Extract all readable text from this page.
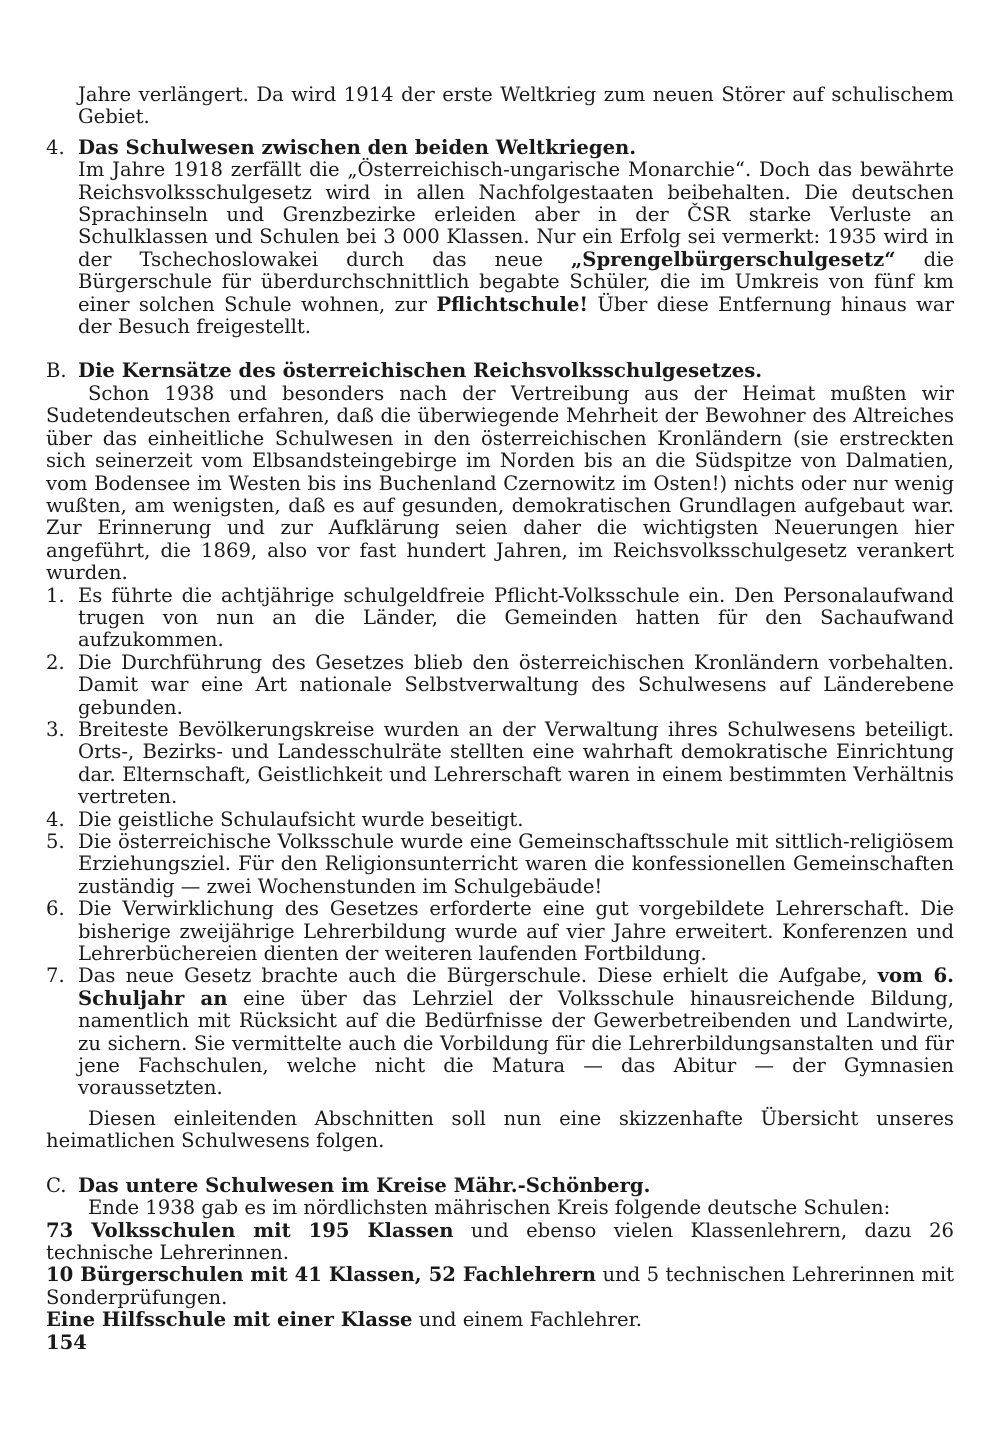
Jahre verlängert. Da wird 1914 der erste Weltkrieg zum neuen Störer auf schulischem Gebiet.
4. Das Schulwesen zwischen den beiden Weltkriegen.
Im Jahre 1918 zerfällt die „Österreichisch-ungarische Monarchie“. Doch das bewährte Reichsvolksschulgesetz wird in allen Nachfolgestaaten beibehalten. Die deutschen Sprachinseln und Grenzbezirke erleiden aber in der ČSR starke Verluste an Schulklassen und Schulen bei 3 000 Klassen. Nur ein Erfolg sei vermerkt: 1935 wird in der Tschechoslowakei durch das neue „Sprengelbürgerschulgesetz“ die Bürgerschule für überdurchschnittlich begabte Schüler, die im Umkreis von fünf km einer solchen Schule wohnen, zur Pflichtschule! Über diese Entfernung hinaus war der Besuch freigestellt.
B. Die Kernsätze des österreichischen Reichsvolksschulgesetzes.
Schon 1938 und besonders nach der Vertreibung aus der Heimat mußten wir Sudetendeutschen erfahren, daß die überwiegende Mehrheit der Bewohner des Altreiches über das einheitliche Schulwesen in den österreichischen Kronländern (sie erstreckten sich seinerzeit vom Elbsandsteingebirge im Norden bis an die Südspitze von Dalmatien, vom Bodensee im Westen bis ins Buchenland Czernowitz im Osten!) nichts oder nur wenig wußten, am wenigsten, daß es auf gesunden, demokratischen Grundlagen aufgebaut war. Zur Erinnerung und zur Aufklärung seien daher die wichtigsten Neuerungen hier angeführt, die 1869, also vor fast hundert Jahren, im Reichsvolksschulgesetz verankert wurden.
1. Es führte die achtjährige schulgeldfreie Pflicht-Volksschule ein. Den Personalaufwand trugen von nun an die Länder, die Gemeinden hatten für den Sachaufwand aufzukommen.
2. Die Durchführung des Gesetzes blieb den österreichischen Kronländern vorbehalten. Damit war eine Art nationale Selbstverwaltung des Schulwesens auf Länderebene gebunden.
3. Breiteste Bevölkerungskreise wurden an der Verwaltung ihres Schulwesens beteiligt. Orts-, Bezirks- und Landesschulräte stellten eine wahrhaft demokratische Einrichtung dar. Elternschaft, Geistlichkeit und Lehrerschaft waren in einem bestimmten Verhältnis vertreten.
4. Die geistliche Schulaufsicht wurde beseitigt.
5. Die österreichische Volksschule wurde eine Gemeinschaftsschule mit sittlich-religiösem Erziehungsziel. Für den Religionsunterricht waren die konfessionellen Gemeinschaften zuständig — zwei Wochenstunden im Schulgebäude!
6. Die Verwirklichung des Gesetzes erforderte eine gut vorgebildete Lehrerschaft. Die bisherige zweijährige Lehrerbildung wurde auf vier Jahre erweitert. Konferenzen und Lehrerbüchereien dienten der weiteren laufenden Fortbildung.
7. Das neue Gesetz brachte auch die Bürgerschule. Diese erhielt die Aufgabe, vom 6. Schuljahr an eine über das Lehrziel der Volksschule hinausreichende Bildung, namentlich mit Rücksicht auf die Bedürfnisse der Gewerbetreibenden und Landwirte, zu sichern. Sie vermittelte auch die Vorbildung für die Lehrerbildungsanstalten und für jene Fachschulen, welche nicht die Matura — das Abitur — der Gymnasien voraussetzten.
Diesen einleitenden Abschnitten soll nun eine skizzenhafte Übersicht unseres heimatlichen Schulwesens folgen.
C. Das untere Schulwesen im Kreise Mähr.-Schönberg.
Ende 1938 gab es im nördlichsten mährischen Kreis folgende deutsche Schulen:
73 Volksschulen mit 195 Klassen und ebenso vielen Klassenlehrern, dazu 26 technische Lehrerinnen.
10 Bürgerschulen mit 41 Klassen, 52 Fachlehrern und 5 technischen Lehrerinnen mit Sonderprüfungen.
Eine Hilfsschule mit einer Klasse und einem Fachlehrer.
154
